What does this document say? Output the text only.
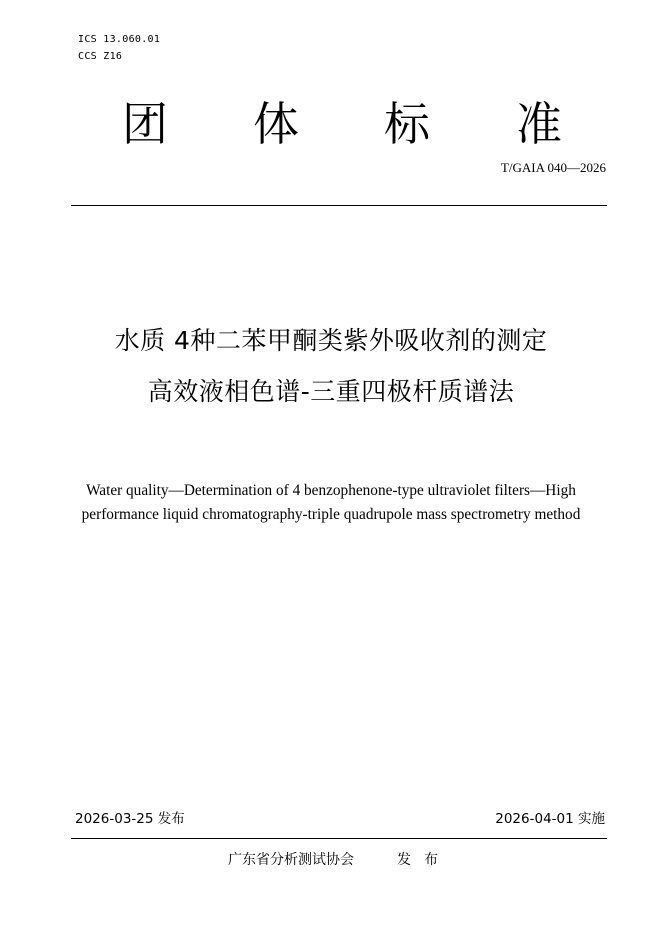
ICS 13.060.01
CCS Z16
团 体 标 准
T/GAIA 040—2026
水质 4种二苯甲酮类紫外吸收剂的测定
高效液相色谱-三重四极杆质谱法
Water quality—Determination of 4 benzophenone-type ultraviolet filters—High
performance liquid chromatography-triple quadrupole mass spectrometry method
2026-03-25 发布	2026-04-01 实施
广东省分析测试协会	发布
